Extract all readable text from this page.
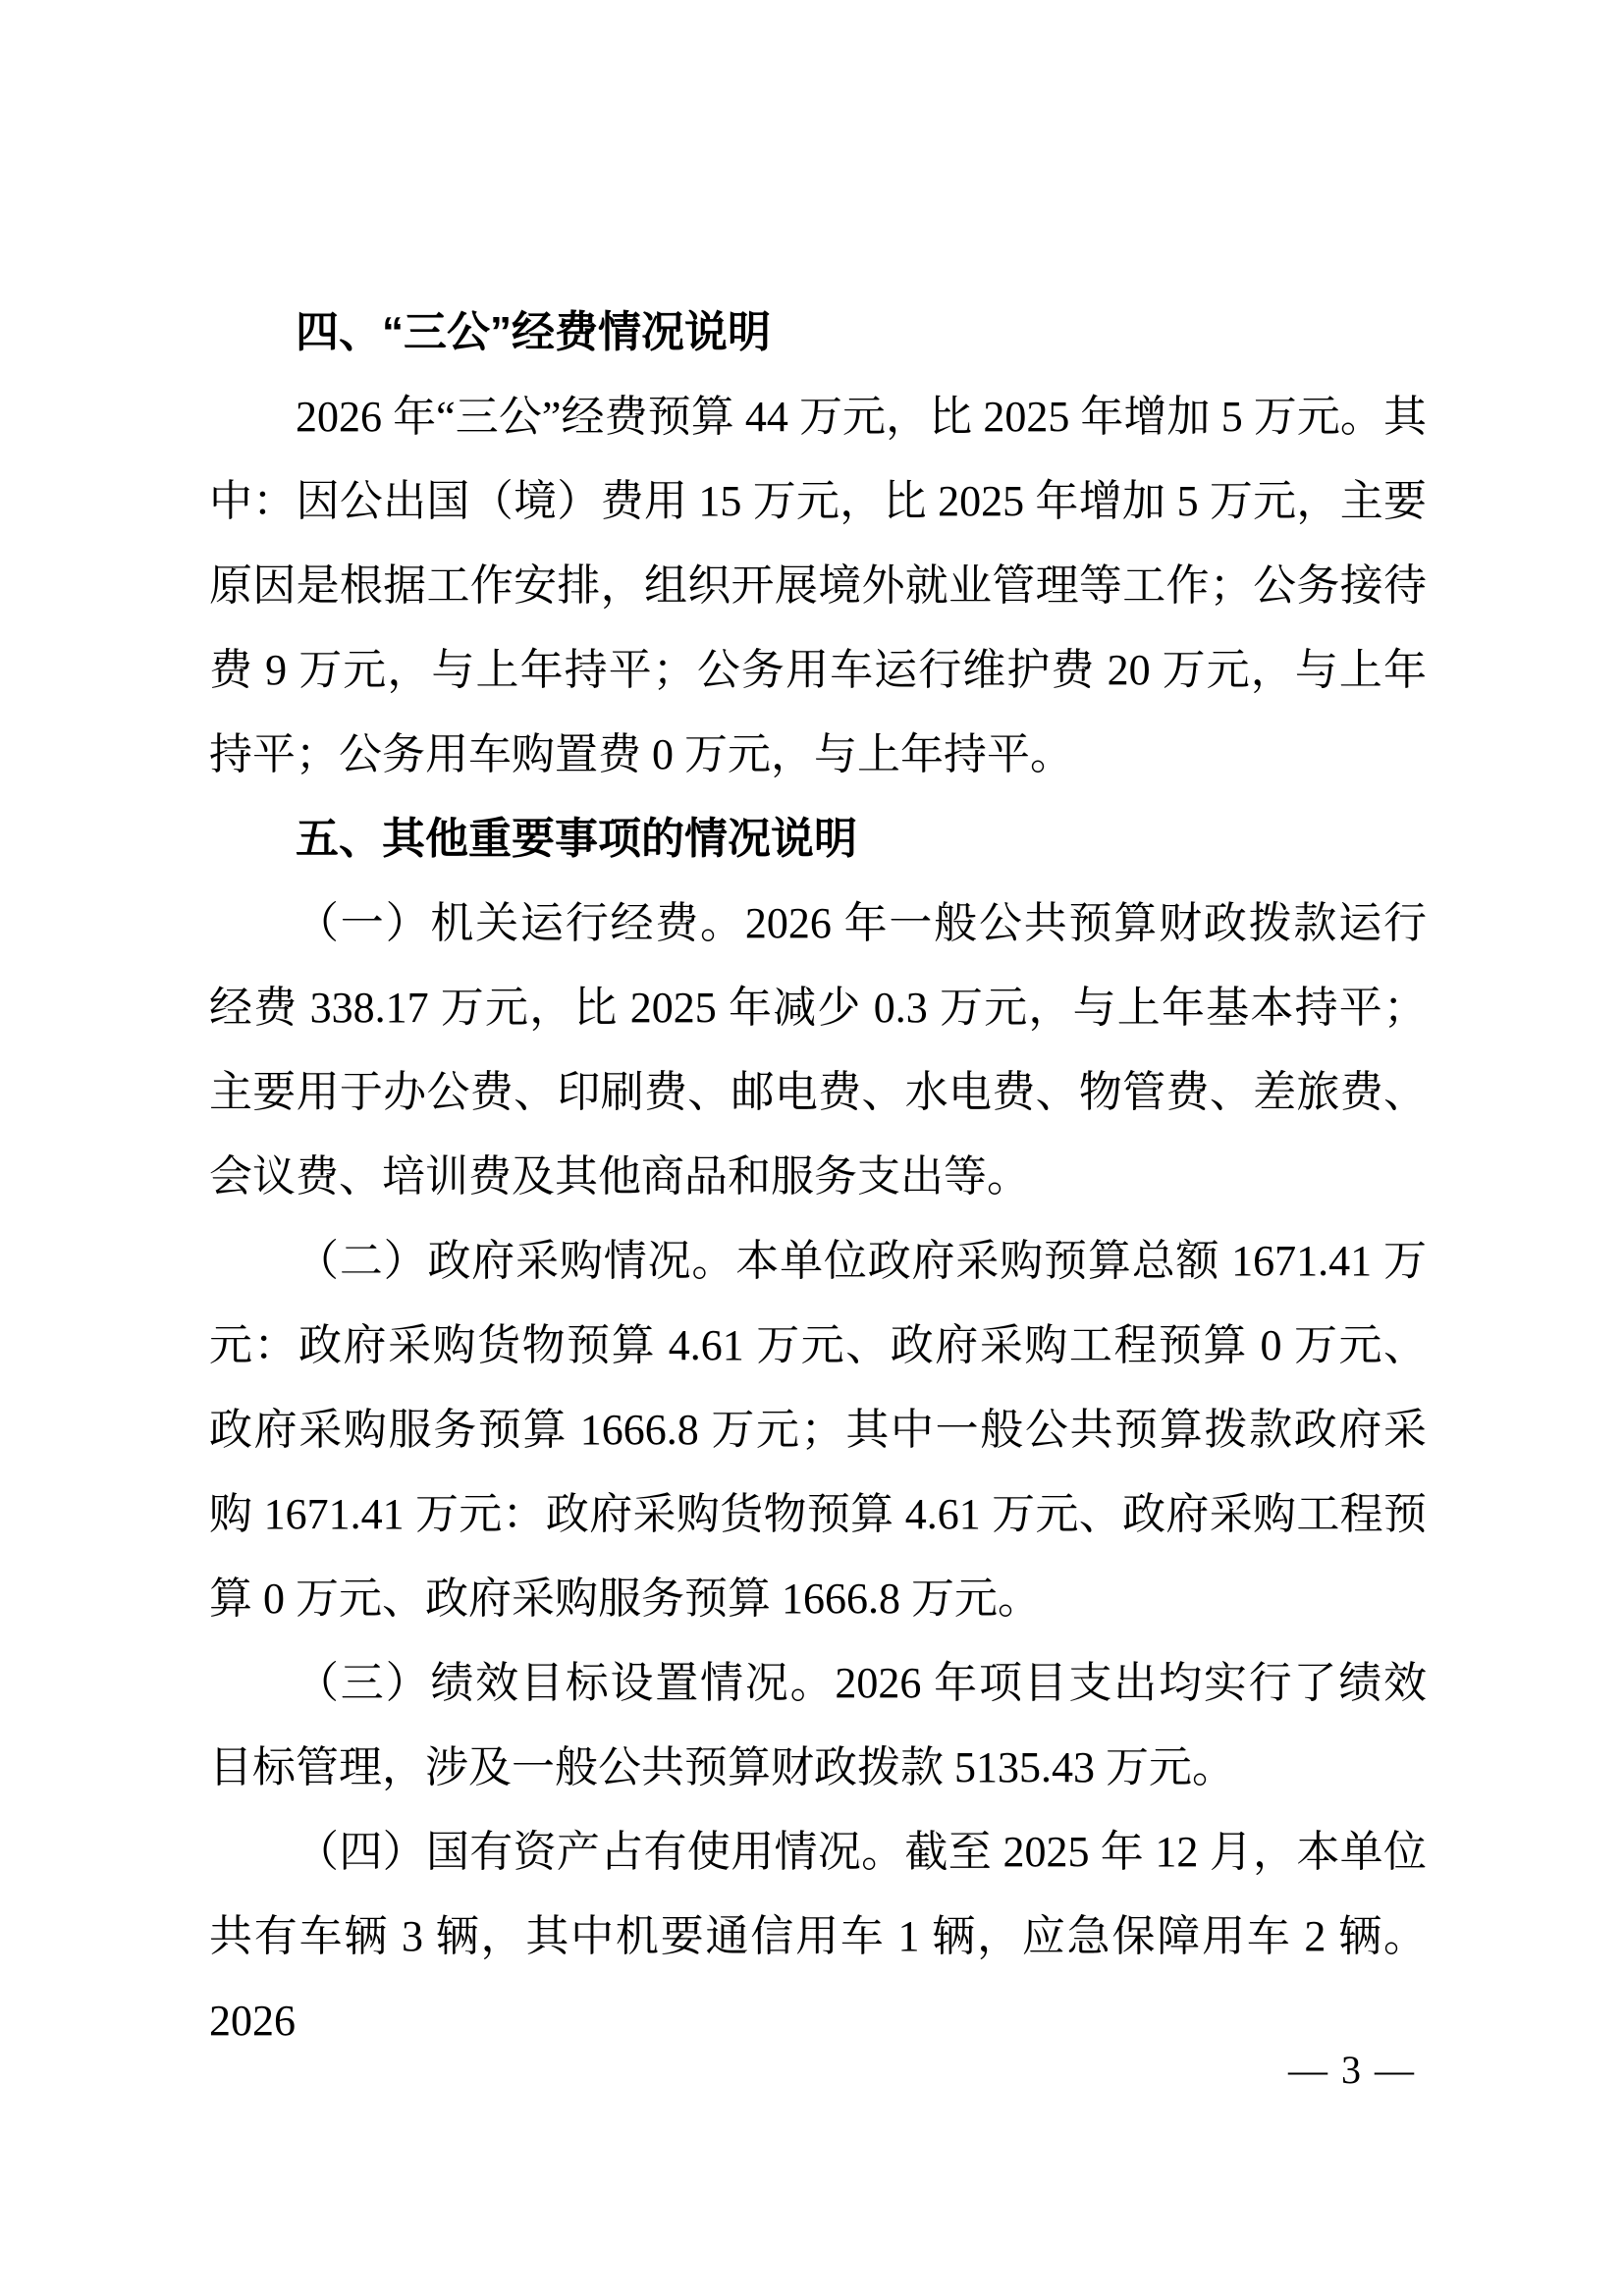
四、“三公”经费情况说明

2026 年“三公”经费预算 44 万元，比 2025 年增加 5 万元。其中：因公出国（境）费用 15 万元，比 2025 年增加 5 万元，主要原因是根据工作安排，组织开展境外就业管理等工作；公务接待费 9 万元，与上年持平；公务用车运行维护费 20 万元，与上年持平；公务用车购置费 0 万元，与上年持平。

五、其他重要事项的情况说明

（一）机关运行经费。2026 年一般公共预算财政拨款运行经费 338.17 万元，比 2025 年减少 0.3 万元，与上年基本持平；主要用于办公费、印刷费、邮电费、水电费、物管费、差旅费、会议费、培训费及其他商品和服务支出等。

（二）政府采购情况。本单位政府采购预算总额 1671.41 万元：政府采购货物预算 4.61 万元、政府采购工程预算 0 万元、政府采购服务预算 1666.8 万元；其中一般公共预算拨款政府采购 1671.41 万元：政府采购货物预算 4.61 万元、政府采购工程预算 0 万元、政府采购服务预算 1666.8 万元。

（三）绩效目标设置情况。2026 年项目支出均实行了绩效目标管理，涉及一般公共预算财政拨款 5135.43 万元。

（四）国有资产占有使用情况。截至 2025 年 12 月，本单位共有车辆 3 辆，其中机要通信用车 1 辆，应急保障用车 2 辆。2026

— 3 —
